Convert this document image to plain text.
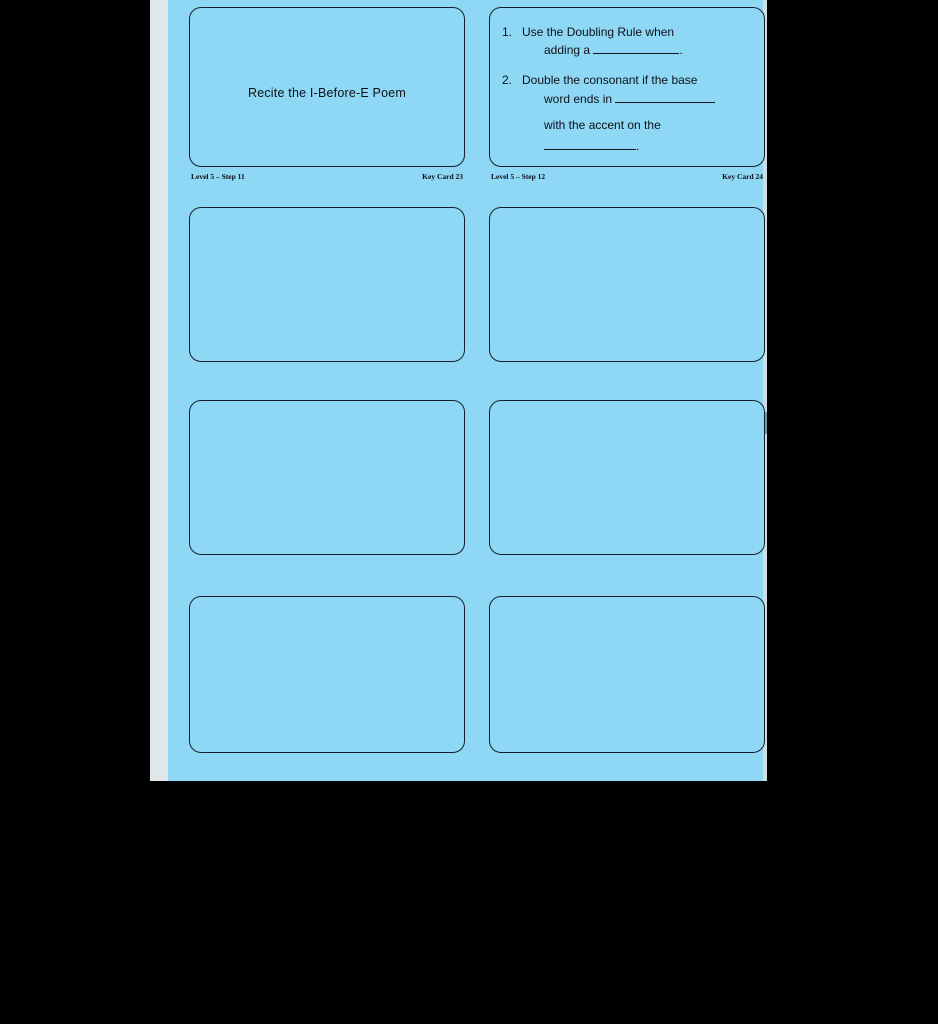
Recite the I-Before-E Poem
1. Use the Doubling Rule when
adding a	.
2. Double the consonant if the base
word ends in
with the accent on the
.
Level 5 – Step 11	Key Card 23	Level 5 – Step 12	Key Card 24
